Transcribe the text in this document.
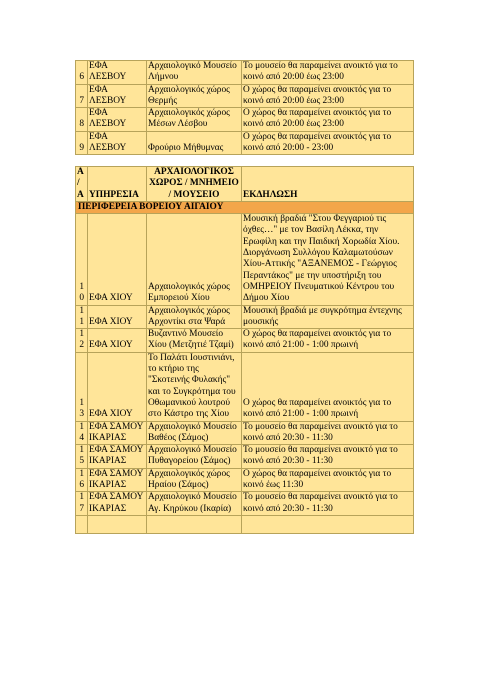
6	ΕΦΑ ΛΕΣΒΟΥ	Αρχαιολογικό Μουσείο Λήμνου	Το μουσείο θα παραμείνει ανοικτό για το κοινό από 20:00 έως 23:00
7	ΕΦΑ ΛΕΣΒΟΥ	Αρχαιολογικός χώρος Θερμής	Ο χώρος θα παραμείνει ανοικτός για το κοινό από 20:00 έως 23:00
8	ΕΦΑ ΛΕΣΒΟΥ	Αρχαιολογικός χώρος Μέσων Λέσβου	Ο χώρος θα παραμείνει ανοικτός για το κοινό από 20:00 έως 23:00
9	ΕΦΑ ΛΕΣΒΟΥ	Φρούριο Μήθυμνας	Ο χώρος θα παραμείνει ανοικτός για το κοινό από 20:00 - 23:00
Α/Α	ΥΠΗΡΕΣΙΑ	ΑΡΧΑΙΟΛΟΓΙΚΟΣ ΧΩΡΟΣ / ΜΝΗΜΕΙΟ / ΜΟΥΣΕΙΟ	ΕΚΔΗΛΩΣΗ
ΠΕΡΙΦΕΡΕΙΑ ΒΟΡΕΙΟΥ ΑΙΓΑΙΟΥ			
10	ΕΦΑ ΧΙΟΥ	Αρχαιολογικός χώρος Εμπορειού Χίου	Μουσική βραδιά "Στου Φεγγαριού τις όχθες…" με τον Βασίλη Λέκκα, την Ερωφίλη και την Παιδική Χορωδία Χίου. Διοργάνωση Συλλόγου Καλαμωτούσων Χίου-Αττικής "ΑΞΑΝΕΜΟΣ - Γεώργιος Περαντάκος" με την υποστήριξη του ΟΜΗΡΕΙΟΥ Πνευματικού Κέντρου του Δήμου Χίου
11	ΕΦΑ ΧΙΟΥ	Αρχαιολογικός χώρος Αρχοντίκι στα Ψαρά	Μουσική βραδιά με συγκρότημα έντεχνης μουσικής
12	ΕΦΑ ΧΙΟΥ	Βυζαντινό Μουσείο Χίου (Μετζητιέ Τζαμί)	Ο χώρος θα παραμείνει ανοικτός για το κοινό από 21:00 - 1:00 πρωινή
13	ΕΦΑ ΧΙΟΥ	Το Παλάτι Ιουστινιάνι, το κτήριο της "Σκοτεινής Φυλακής" και το Συγκρότημα του Οθωμανικού λουτρού στο Κάστρο της Χίου	Ο χώρος θα παραμείνει ανοικτός για το κοινό από 21:00 - 1:00 πρωινή
14	ΕΦΑ ΣΑΜΟΥ ΙΚΑΡΙΑΣ	Αρχαιολογικό Μουσείο Βαθέος (Σάμος)	Το μουσείο θα παραμείνει ανοικτό για το κοινό από 20:30 - 11:30
15	ΕΦΑ ΣΑΜΟΥ ΙΚΑΡΙΑΣ	Αρχαιολογικό Μουσείο Πυθαγορείου (Σάμος)	Το μουσείο θα παραμείνει ανοικτό για το κοινό από 20:30 - 11:30
16	ΕΦΑ ΣΑΜΟΥ ΙΚΑΡΙΑΣ	Αρχαιολογικός χώρος Ηραίου (Σάμος)	Ο χώρος θα παραμείνει ανοικτός για το κοινό έως 11:30
17	ΕΦΑ ΣΑΜΟΥ ΙΚΑΡΙΑΣ	Αρχαιολογικό Μουσείο Αγ. Κηρύκου (Ικαρία)	Το μουσείο θα παραμείνει ανοικτό για το κοινό από 20:30 - 11:30
